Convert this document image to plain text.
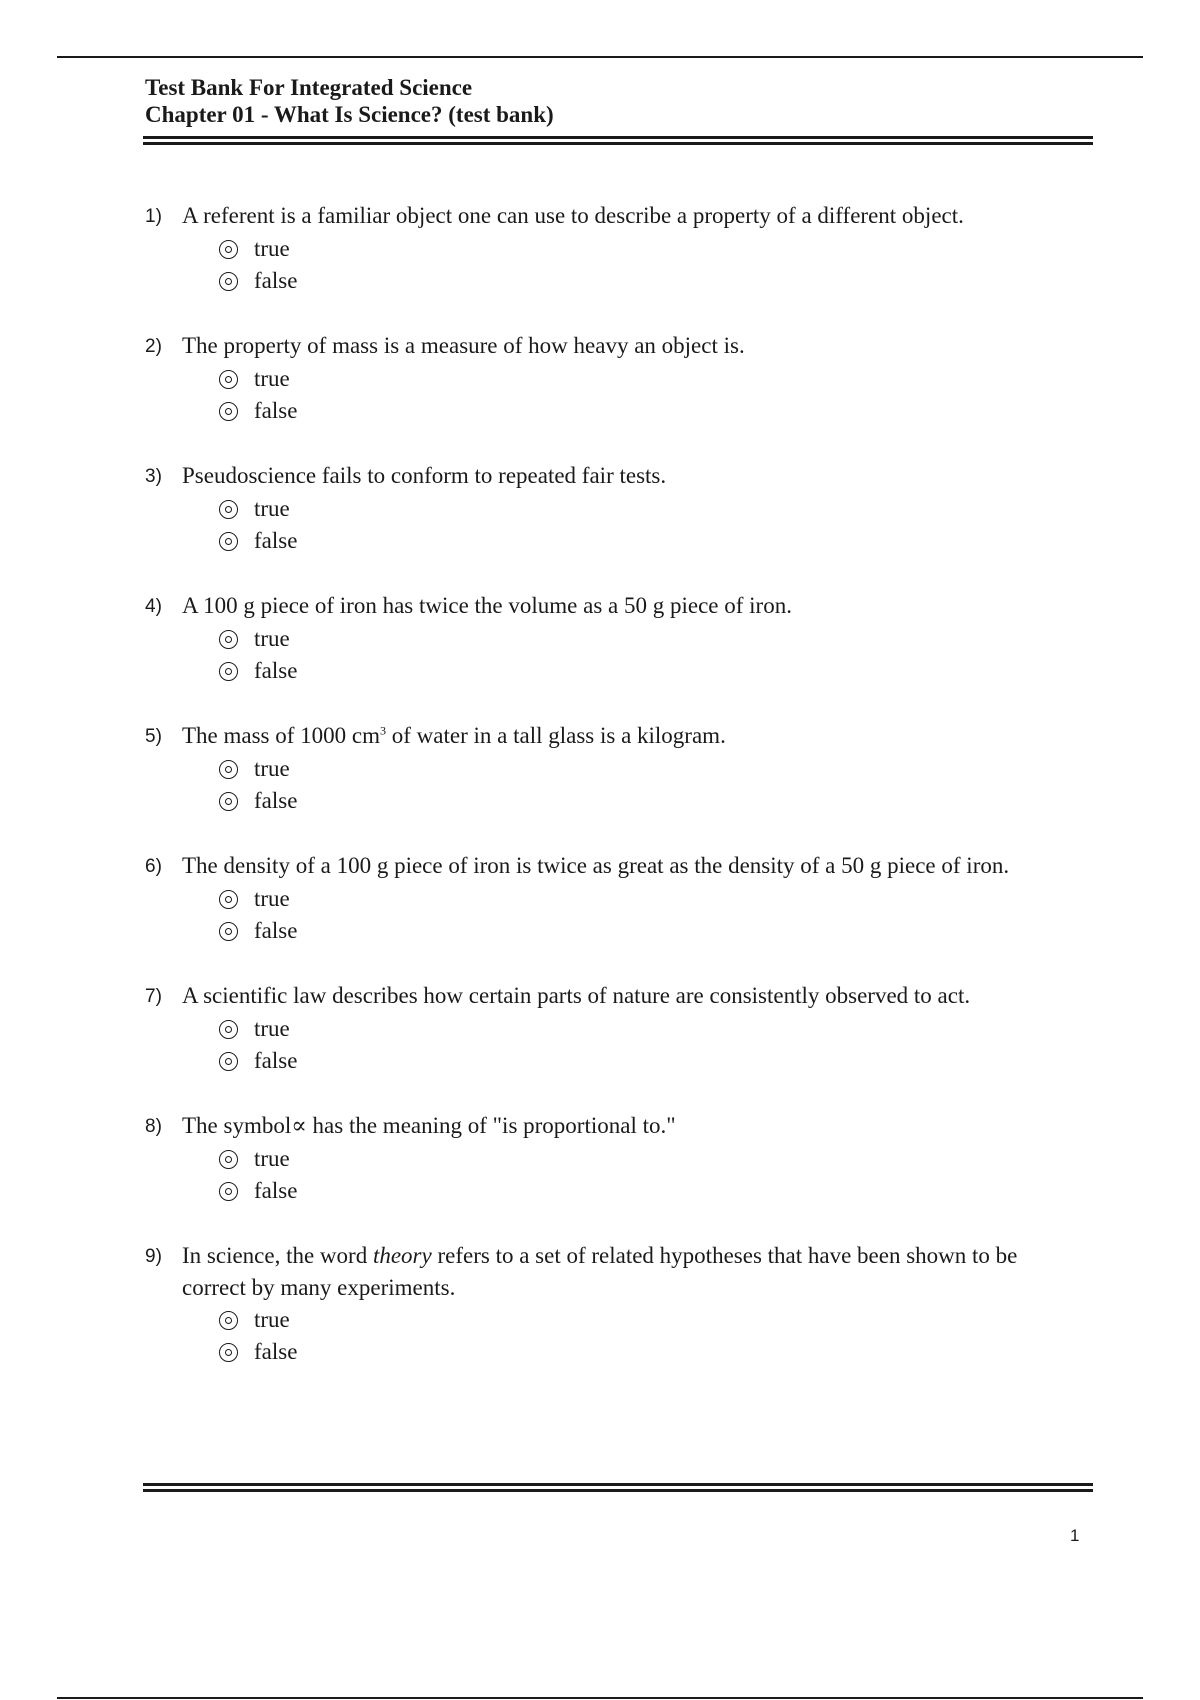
Test Bank For Integrated Science
Chapter 01 - What Is Science? (test bank)
1) A referent is a familiar object one can use to describe a property of a different object.
true
false
2) The property of mass is a measure of how heavy an object is.
true
false
3) Pseudoscience fails to conform to repeated fair tests.
true
false
4) A 100 g piece of iron has twice the volume as a 50 g piece of iron.
true
false
5) The mass of 1000 $cm^3$ of water in a tall glass is a kilogram.
true
false
6) The density of a 100 g piece of iron is twice as great as the density of a 50 g piece of iron.
true
false
7) A scientific law describes how certain parts of nature are consistently observed to act.
true
false
8) The symbol∝ has the meaning of "is proportional to."
true
false
9) In science, the word theory refers to a set of related hypotheses that have been shown to be correct by many experiments.
true
false
1
